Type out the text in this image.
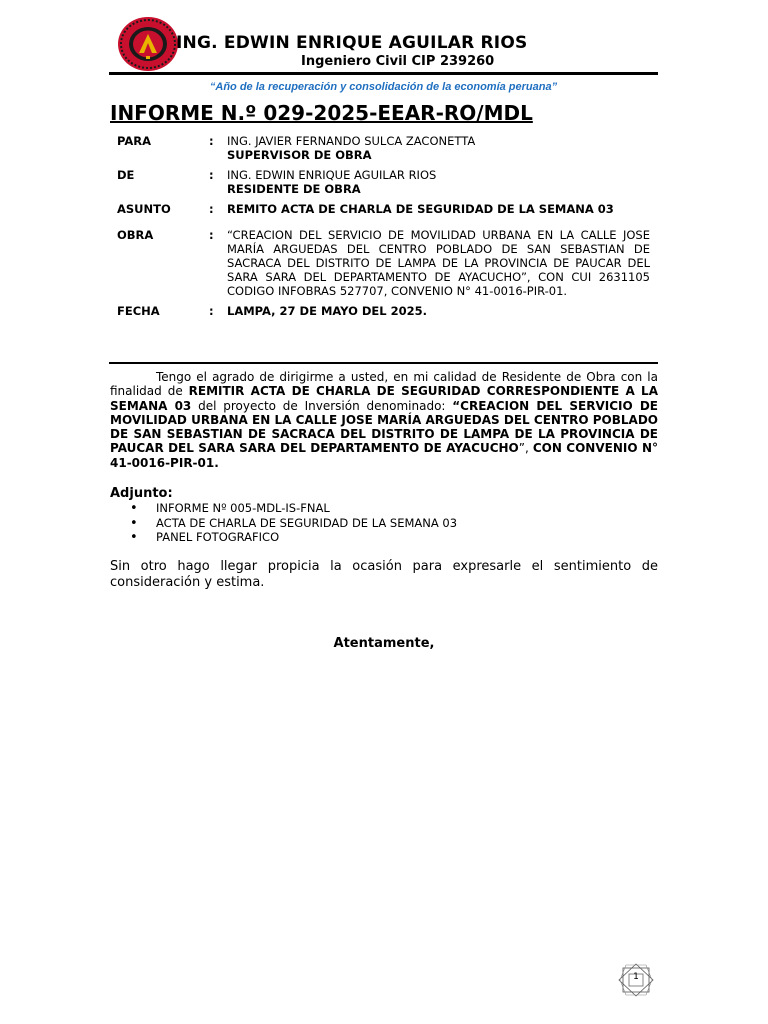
ING. EDWIN ENRIQUE AGUILAR RIOS
Ingeniero Civil CIP 239260
“Año de la recuperación y consolidación de la economía peruana”
INFORME N.º 029-2025-EEAR-RO/MDL
PARA	:	ING. JAVIER FERNANDO SULCA ZACONETTA
SUPERVISOR DE OBRA

DE	:	ING. EDWIN ENRIQUE AGUILAR RIOS
RESIDENTE DE OBRA

ASUNTO	:	REMITO ACTA DE CHARLA DE SEGURIDAD DE LA SEMANA 03
OBRA	:	“CREACION DEL SERVICIO DE MOVILIDAD URBANA EN LA CALLE JOSE MARÍA ARGUEDAS DEL CENTRO POBLADO DE SAN SEBASTIAN DE SACRACA DEL DISTRITO DE LAMPA DE LA PROVINCIA DE PAUCAR DEL SARA SARA DEL DEPARTAMENTO DE AYACUCHO”, CON CUI 2631105 CODIGO INFOBRAS 527707, CONVENIO N° 41-0016-PIR-01.
FECHA	:	LAMPA, 27 DE MAYO DEL 2025.
Tengo el agrado de dirigirme a usted, en mi calidad de Residente de Obra con la finalidad de REMITIR ACTA DE CHARLA DE SEGURIDAD CORRESPONDIENTE A LA SEMANA 03 del proyecto de Inversión denominado: “CREACION DEL SERVICIO DE MOVILIDAD URBANA EN LA CALLE JOSE MARÍA ARGUEDAS DEL CENTRO POBLADO DE SAN SEBASTIAN DE SACRACA DEL DISTRITO DE LAMPA DE LA PROVINCIA DE PAUCAR DEL SARA SARA DEL DEPARTAMENTO DE AYACUCHO”, CON CONVENIO N° 41-0016-PIR-01.
Adjunto:
• INFORME Nº 005-MDL-IS-FNAL
• ACTA DE CHARLA DE SEGURIDAD DE LA SEMANA 03
• PANEL FOTOGRAFICO
Sin otro hago llegar propicia la ocasión para expresarle el sentimiento de consideración y estima.
Atentamente,
1
